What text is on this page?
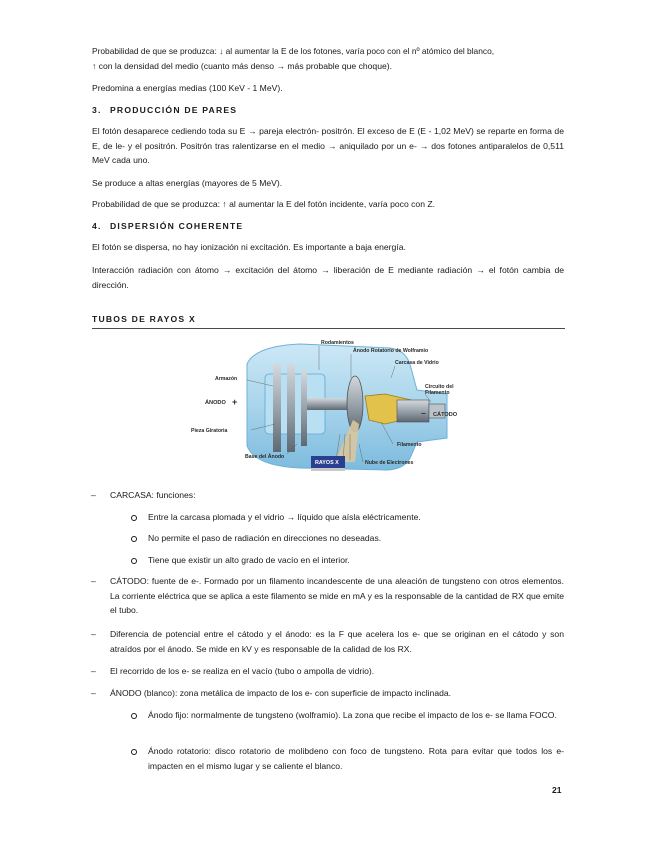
Probabilidad de que se produzca: ↓ al aumentar la E de los fotones, varía poco con el nº atómico del blanco,
↑ con la densidad del medio (cuanto más denso → más probable que choque).
Predomina a energías medias (100 KeV - 1 MeV).
3. PRODUCCIÓN DE PARES
El fotón desaparece cediendo toda su E → pareja electrón- positrón. El exceso de E (E - 1,02 MeV) se reparte en forma de E, de le- y el positrón. Positrón tras ralentizarse en el medio → aniquilado por un e- → dos fotones antiparalelos de 0,511 MeV cada uno.
Se produce a altas energías (mayores de 5 MeV).
Probabilidad de que se produzca: ↑ al aumentar la E del fotón incidente, varía poco con Z.
4. DISPERSIÓN COHERENTE
El fotón se dispersa, no hay ionización ni excitación. Es importante a baja energía.
Interacción radiación con átomo → excitación del átomo → liberación de E mediante radiación → el fotón cambia de dirección.
TUBOS DE RAYOS X
Rodamientos
Ánodo Rotatorio de Wolframio
Carcasa de Vidrio
Armazón
ÁNODO +
Circuito del
Filamento
− CÁTODO
Pieza Giratoria
Filamento
Base del Ánodo
Nube de Electrones
RAYOS X
– CARCASA: funciones:
Entre la carcasa plomada y el vidrio → líquido que aísla eléctricamente.
No permite el paso de radiación en direcciones no deseadas.
Tiene que existir un alto grado de vacío en el interior.
– CÁTODO: fuente de e-. Formado por un filamento incandescente de una aleación de tungsteno con otros elementos. La corriente eléctrica que se aplica a este filamento se mide en mA y es la responsable de la cantidad de RX que emite el tubo.
– Diferencia de potencial entre el cátodo y el ánodo: es la F que acelera los e- que se originan en el cátodo y son atraídos por el ánodo. Se mide en kV y es responsable de la calidad de los RX.
– El recorrido de los e- se realiza en el vacío (tubo o ampolla de vidrio).
– ÁNODO (blanco): zona metálica de impacto de los e- con superficie de impacto inclinada.
Ánodo fijo: normalmente de tungsteno (wolframio). La zona que recibe el impacto de los e- se llama FOCO.
Ánodo rotatorio: disco rotatorio de molibdeno con foco de tungsteno. Rota para evitar que todos los e- impacten en el mismo lugar y se caliente el blanco.
21
